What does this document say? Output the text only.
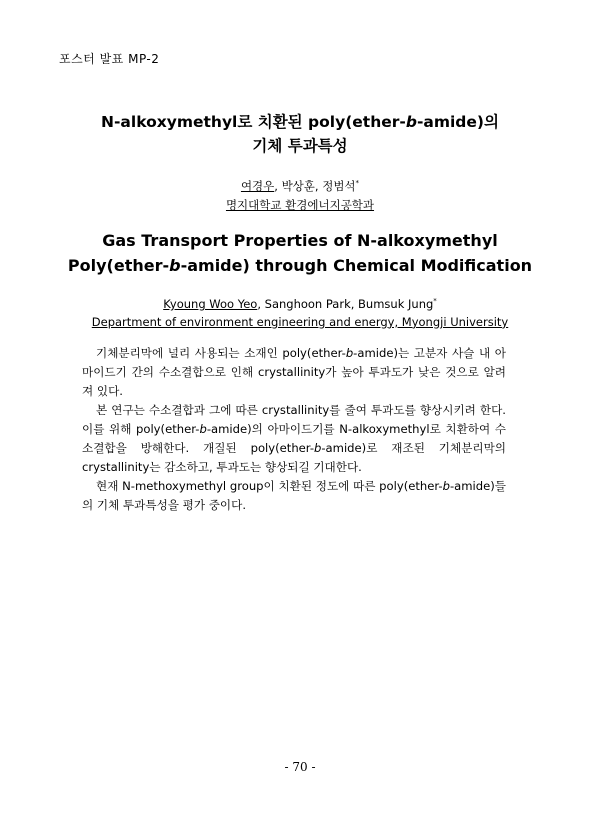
포스터 발표 MP-2
N-alkoxymethyl로 치환된 poly(ether-b-amide)의
기체 투과특성
여경우, 박상훈, 정범석*
명지대학교 환경에너지공학과
Gas Transport Properties of N-alkoxymethyl
Poly(ether-b-amide) through Chemical Modification
Kyoung Woo Yeo, Sanghoon Park, Bumsuk Jung*
Department of environment engineering and energy, Myongji University

기체분리막에 널리 사용되는 소재인 poly(ether-b-amide)는 고분자 사슬 내 아마이드기 간의 수소결합으로 인해 crystallinity가 높아 투과도가 낮은 것으로 알려져 있다.

본 연구는 수소결합과 그에 따른 crystallinity를 줄여 투과도를 향상시키려 한다. 이를 위해 poly(ether-b-amide)의 아마이드기를 N-alkoxymethyl로 치환하여 수소결합을 방해한다. 개질된 poly(ether-b-amide)로 재조된 기체분리막의 crystallinity는 감소하고, 투과도는 향상되길 기대한다.

현재 N-methoxymethyl group이 치환된 정도에 따른 poly(ether-b-amide)들의 기체 투과특성을 평가 중이다.

- 70 -
